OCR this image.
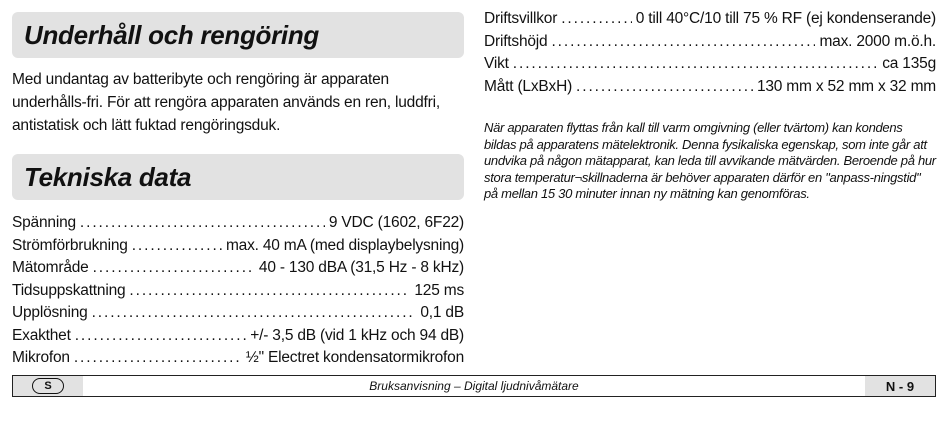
Underhåll och rengöring

Med undantag av batteribyte och rengöring är apparaten underhålls-fri. För att rengöra apparaten används en ren, luddfri, antistatisk och lätt fuktad rengöringsduk.

Tekniska data
Spänning . . .	9 VDC (1602, 6F22)
Strömförbrukning . . .	max. 40 mA (med displaybelysning)
Mätområde . . .	40 - 130 dBA (31,5 Hz - 8 kHz)
Tidsuppskattning . . .	125 ms
Upplösning . . .	0,1 dB
Exakthet . . .	+/- 3,5 dB (vid 1 kHz och 94 dB)
Mikrofon . . .	½" Electret kondensatormikrofon
Driftsvillkor . . .	0 till 40°C/10 till 75 % RF (ej kondenserande)
Driftshöjd . . .	max. 2000 m.ö.h.
Vikt . . .	ca 135g
Mått (LxBxH) . . .	130 mm x 52 mm x 32 mm
När apparaten flyttas från kall till varm omgivning (eller tvärtom) kan kondens bildas på apparatens mätelektronik. Denna fysikaliska egenskap, som inte går att undvika på någon mätapparat, kan leda till avvikande mätvärden. Beroende på hur stora temperatur¬skillnaderna är behöver apparaten därför en "anpass-ningstid" på mellan 15 30 minuter innan ny mätning kan genomföras.
S	Bruksanvisning – Digital ljudnivåmätare	N - 9
